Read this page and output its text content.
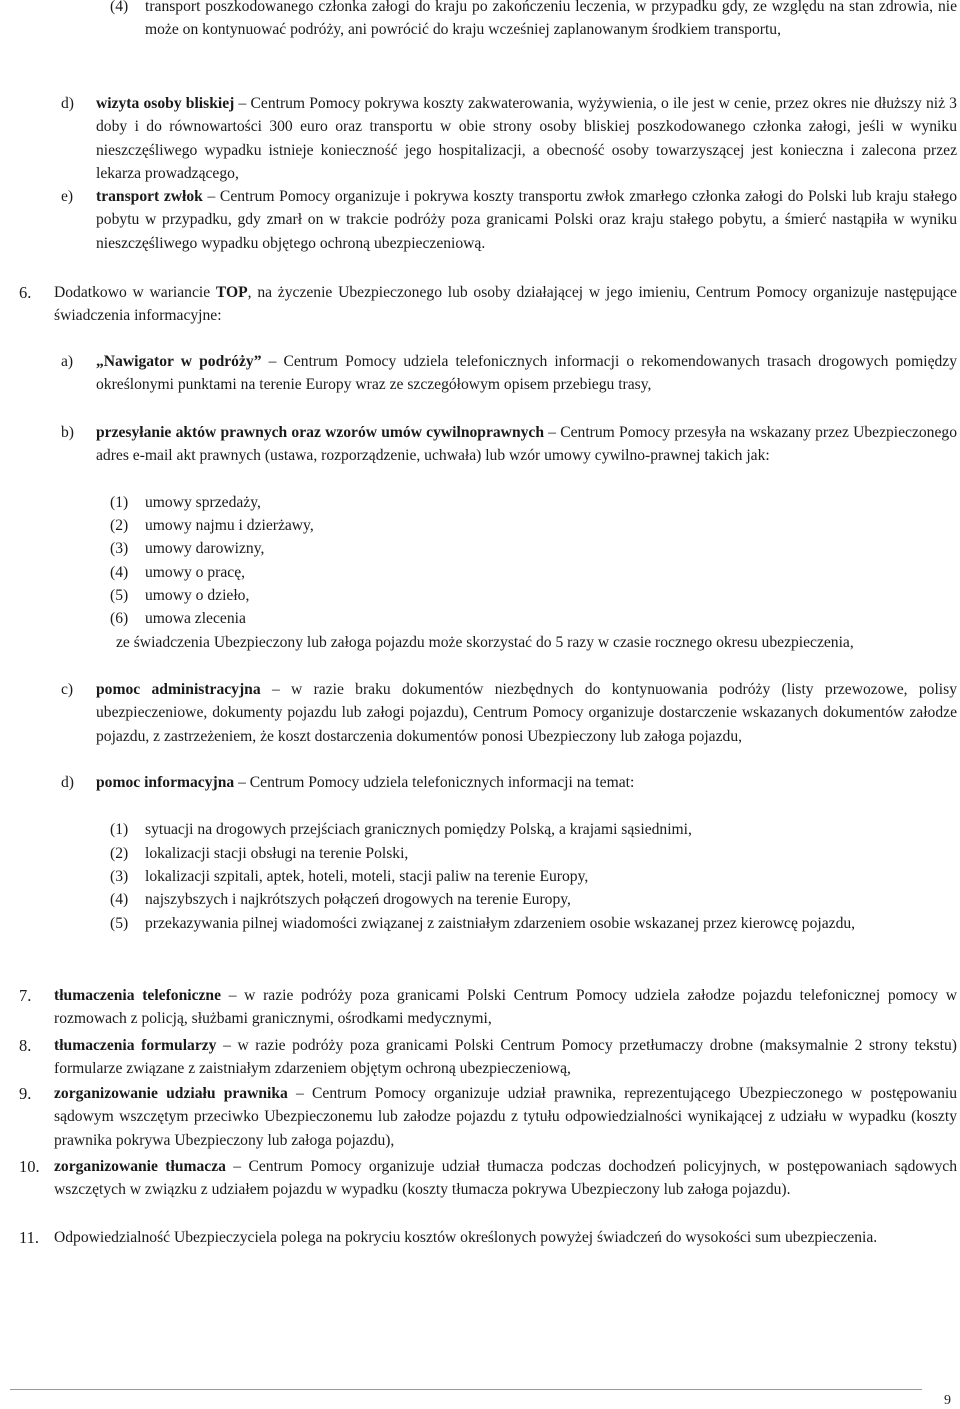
(4) transport poszkodowanego członka załogi do kraju po zakończeniu leczenia, w przypadku gdy, ze względu na stan zdrowia, nie może on kontynuować podróży, ani powrócić do kraju wcześniej zaplanowanym środkiem transportu,
d) wizyta osoby bliskiej – Centrum Pomocy pokrywa koszty zakwaterowania, wyżywienia, o ile jest w cenie, przez okres nie dłuższy niż 3 doby i do równowartości 300 euro oraz transportu w obie strony osoby bliskiej poszkodowanego członka załogi, jeśli w wyniku nieszczęśliwego wypadku istnieje konieczność jego hospitalizacji, a obecność osoby towarzyszącej jest konieczna i zalecona przez lekarza prowadzącego,
e) transport zwłok – Centrum Pomocy organizuje i pokrywa koszty transportu zwłok zmarłego członka załogi do Polski lub kraju stałego pobytu w przypadku, gdy zmarł on w trakcie podróży poza granicami Polski oraz kraju stałego pobytu, a śmierć nastąpiła w wyniku nieszczęśliwego wypadku objętego ochroną ubezpieczeniową.
6. Dodatkowo w wariancie TOP, na życzenie Ubezpieczonego lub osoby działającej w jego imieniu, Centrum Pomocy organizuje następujące świadczenia informacyjne:
a) „Nawigator w podróży” – Centrum Pomocy udziela telefonicznych informacji o rekomendowanych trasach drogowych pomiędzy określonymi punktami na terenie Europy wraz ze szczegółowym opisem przebiegu trasy,
b) przesyłanie aktów prawnych oraz wzorów umów cywilnoprawnych – Centrum Pomocy przesyła na wskazany przez Ubezpieczonego adres e-mail akt prawnych (ustawa, rozporządzenie, uchwała) lub wzór umowy cywilno-prawnej takich jak:
(1) umowy sprzedaży,
(2) umowy najmu i dzierżawy,
(3) umowy darowizny,
(4) umowy o pracę,
(5) umowy o dzieło,
(6) umowa zlecenia
ze świadczenia Ubezpieczony lub załoga pojazdu może skorzystać do 5 razy w czasie rocznego okresu ubezpieczenia,
c) pomoc administracyjna – w razie braku dokumentów niezbędnych do kontynuowania podróży (listy przewozowe, polisy ubezpieczeniowe, dokumenty pojazdu lub załogi pojazdu), Centrum Pomocy organizuje dostarczenie wskazanych dokumentów załodze pojazdu, z zastrzeżeniem, że koszt dostarczenia dokumentów ponosi Ubezpieczony lub załoga pojazdu,
d) pomoc informacyjna – Centrum Pomocy udziela telefonicznych informacji na temat:
(1) sytuacji na drogowych przejściach granicznych pomiędzy Polską, a krajami sąsiednimi,
(2) lokalizacji stacji obsługi na terenie Polski,
(3) lokalizacji szpitali, aptek, hoteli, moteli, stacji paliw na terenie Europy,
(4) najszybszych i najkrótszych połączeń drogowych na terenie Europy,
(5) przekazywania pilnej wiadomości związanej z zaistniałym zdarzeniem osobie wskazanej przez kierowcę pojazdu,
7. tłumaczenia telefoniczne – w razie podróży poza granicami Polski Centrum Pomocy udziela załodze pojazdu telefonicznej pomocy w rozmowach z policją, służbami granicznymi, ośrodkami medycznymi,
8. tłumaczenia formularzy – w razie podróży poza granicami Polski Centrum Pomocy przetłumaczy drobne (maksymalnie 2 strony tekstu) formularze związane z zaistniałym zdarzeniem objętym ochroną ubezpieczeniową,
9. zorganizowanie udziału prawnika – Centrum Pomocy organizuje udział prawnika, reprezentującego Ubezpieczonego w postępowaniu sądowym wszczętym przeciwko Ubezpieczonemu lub załodze pojazdu z tytułu odpowiedzialności wynikającej z udziału w wypadku (koszty prawnika pokrywa Ubezpieczony lub załoga pojazdu),
10. zorganizowanie tłumacza – Centrum Pomocy organizuje udział tłumacza podczas dochodzeń policyjnych, w postępowaniach sądowych wszczętych w związku z udziałem pojazdu w wypadku (koszty tłumacza pokrywa Ubezpieczony lub załoga pojazdu).
11. Odpowiedzialność Ubezpieczyciela polega na pokryciu kosztów określonych powyżej świadczeń do wysokości sum ubezpieczenia.
9
